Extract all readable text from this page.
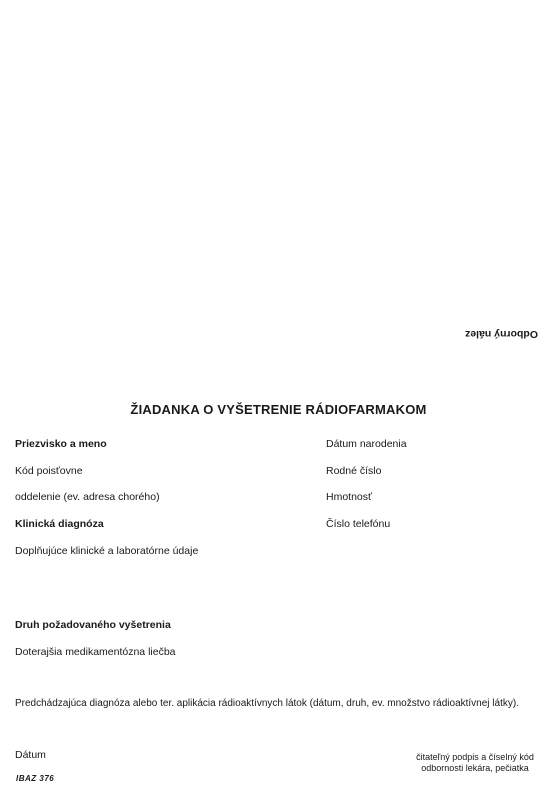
Odborný nález
ŽIADANKA O VYŠETRENIE RÁDIOFARMAKOM
Priezvisko a meno	Dátum narodenia
Kód poisťovne	Rodné číslo
oddelenie (ev. adresa chorého)	Hmotnosť
Klinická diagnóza	Číslo telefónu
Doplňujúce klinické a laboratórne údaje
Druh požadovaného vyšetrenia
Doterajšia medikamentózna liečba
Predchádzajúca diagnóza alebo ter. aplikácia rádioaktívnych látok (dátum, druh, ev. množstvo rádioaktívnej látky).
Dátum	čitateľný podpis a číselný kód
odbornosti lekára, pečiatka
IBAZ 376
